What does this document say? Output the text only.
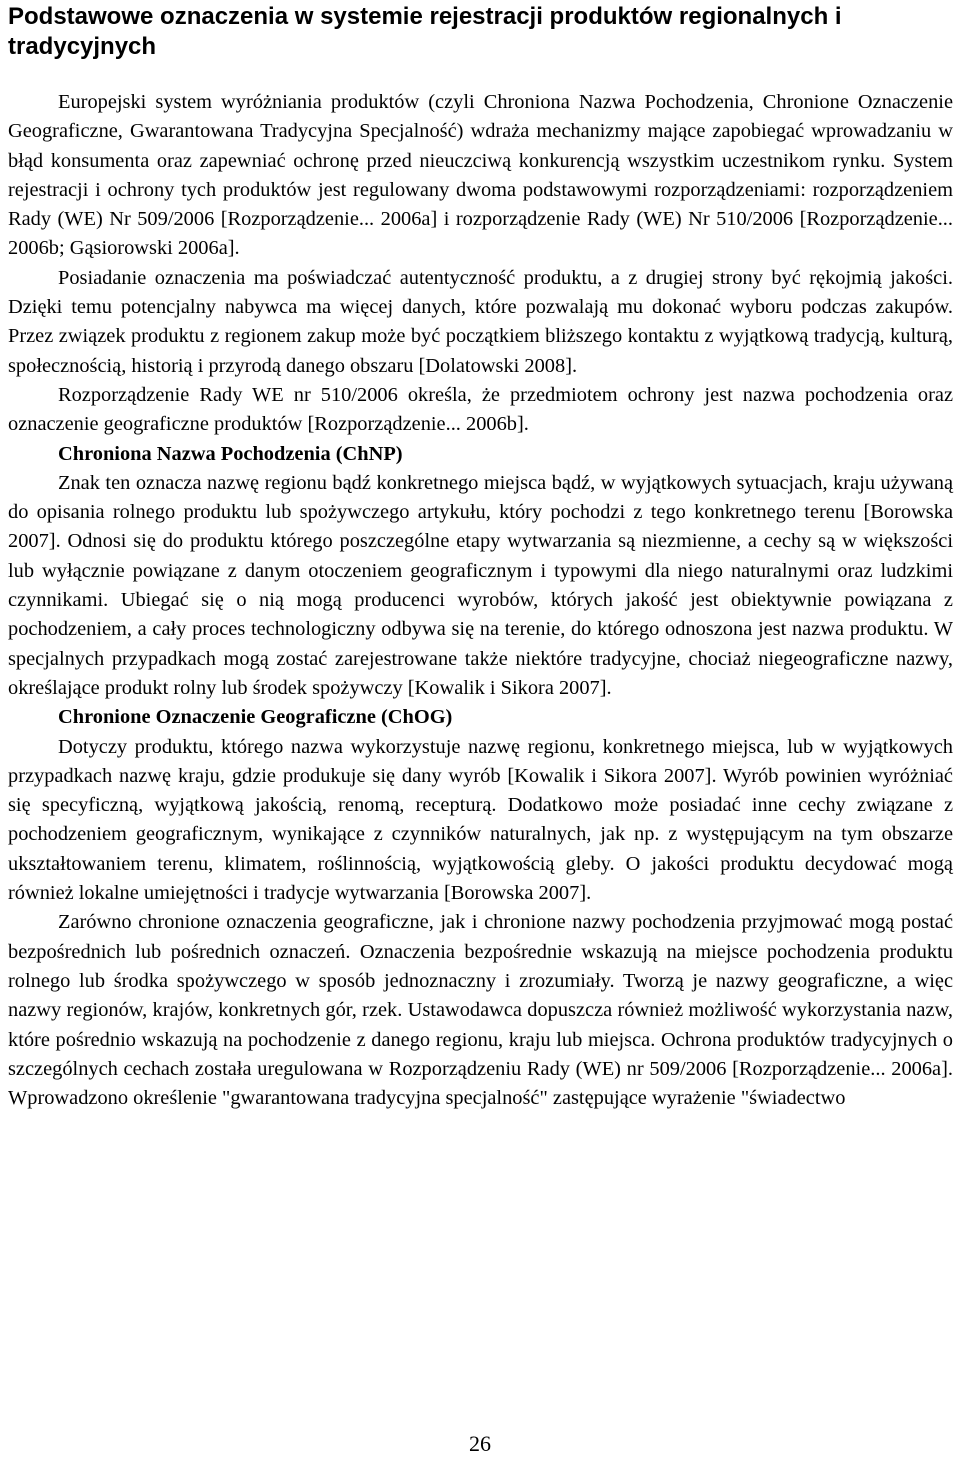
Podstawowe oznaczenia w systemie rejestracji produktów regionalnych i tradycyjnych

Europejski system wyróżniania produktów (czyli Chroniona Nazwa Pochodzenia, Chronione Oznaczenie Geograficzne, Gwarantowana Tradycyjna Specjalność) wdraża mechanizmy mające zapobiegać wprowadzaniu w błąd konsumenta oraz zapewniać ochronę przed nieuczciwą konkurencją wszystkim uczestnikom rynku. System rejestracji i ochrony tych produktów jest regulowany dwoma podstawowymi rozporządzeniami: rozporządzeniem Rady (WE) Nr 509/2006 [Rozporządzenie... 2006a] i rozporządzenie Rady (WE) Nr 510/2006 [Rozporządzenie... 2006b; Gąsiorowski 2006a].

Posiadanie oznaczenia ma poświadczać autentyczność produktu, a z drugiej strony być rękojmią jakości. Dzięki temu potencjalny nabywca ma więcej danych, które pozwalają mu dokonać wyboru podczas zakupów. Przez związek produktu z regionem zakup może być początkiem bliższego kontaktu z wyjątkową tradycją, kulturą, społecznością, historią i przyrodą danego obszaru [Dolatowski 2008].

Rozporządzenie Rady WE nr 510/2006 określa, że przedmiotem ochrony jest nazwa pochodzenia oraz oznaczenie geograficzne produktów [Rozporządzenie... 2006b].

Chroniona Nazwa Pochodzenia (ChNP)

Znak ten oznacza nazwę regionu bądź konkretnego miejsca bądź, w wyjątkowych sytuacjach, kraju używaną do opisania rolnego produktu lub spożywczego artykułu, który pochodzi z tego konkretnego terenu [Borowska 2007]. Odnosi się do produktu którego poszczególne etapy wytwarzania są niezmienne, a cechy są w większości lub wyłącznie powiązane z danym otoczeniem geograficznym i typowymi dla niego naturalnymi oraz ludzkimi czynnikami. Ubiegać się o nią mogą producenci wyrobów, których jakość jest obiektywnie powiązana z pochodzeniem, a cały proces technologiczny odbywa się na terenie, do którego odnoszona jest nazwa produktu. W specjalnych przypadkach mogą zostać zarejestrowane także niektóre tradycyjne, chociaż niegeograficzne nazwy, określające produkt rolny lub środek spożywczy [Kowalik i Sikora 2007].

Chronione Oznaczenie Geograficzne (ChOG)

Dotyczy produktu, którego nazwa wykorzystuje nazwę regionu, konkretnego miejsca, lub w wyjątkowych przypadkach nazwę kraju, gdzie produkuje się dany wyrób [Kowalik i Sikora 2007]. Wyrób powinien wyróżniać się specyficzną, wyjątkową jakością, renomą, recepturą. Dodatkowo może posiadać inne cechy związane z pochodzeniem geograficznym, wynikające z czynników naturalnych, jak np. z występującym na tym obszarze ukształtowaniem terenu, klimatem, roślinnością, wyjątkowością gleby. O jakości produktu decydować mogą również lokalne umiejętności i tradycje wytwarzania [Borowska 2007].

Zarówno chronione oznaczenia geograficzne, jak i chronione nazwy pochodzenia przyjmować mogą postać bezpośrednich lub pośrednich oznaczeń. Oznaczenia bezpośrednie wskazują na miejsce pochodzenia produktu rolnego lub środka spożywczego w sposób jednoznaczny i zrozumiały. Tworzą je nazwy geograficzne, a więc nazwy regionów, krajów, konkretnych gór, rzek. Ustawodawca dopuszcza również możliwość wykorzystania nazw, które pośrednio wskazują na pochodzenie z danego regionu, kraju lub miejsca. Ochrona produktów tradycyjnych o szczególnych cechach została uregulowana w Rozporządzeniu Rady (WE) nr 509/2006 [Rozporządzenie... 2006a]. Wprowadzono określenie "gwarantowana tradycyjna specjalność" zastępujące wyrażenie "świadectwo

26
